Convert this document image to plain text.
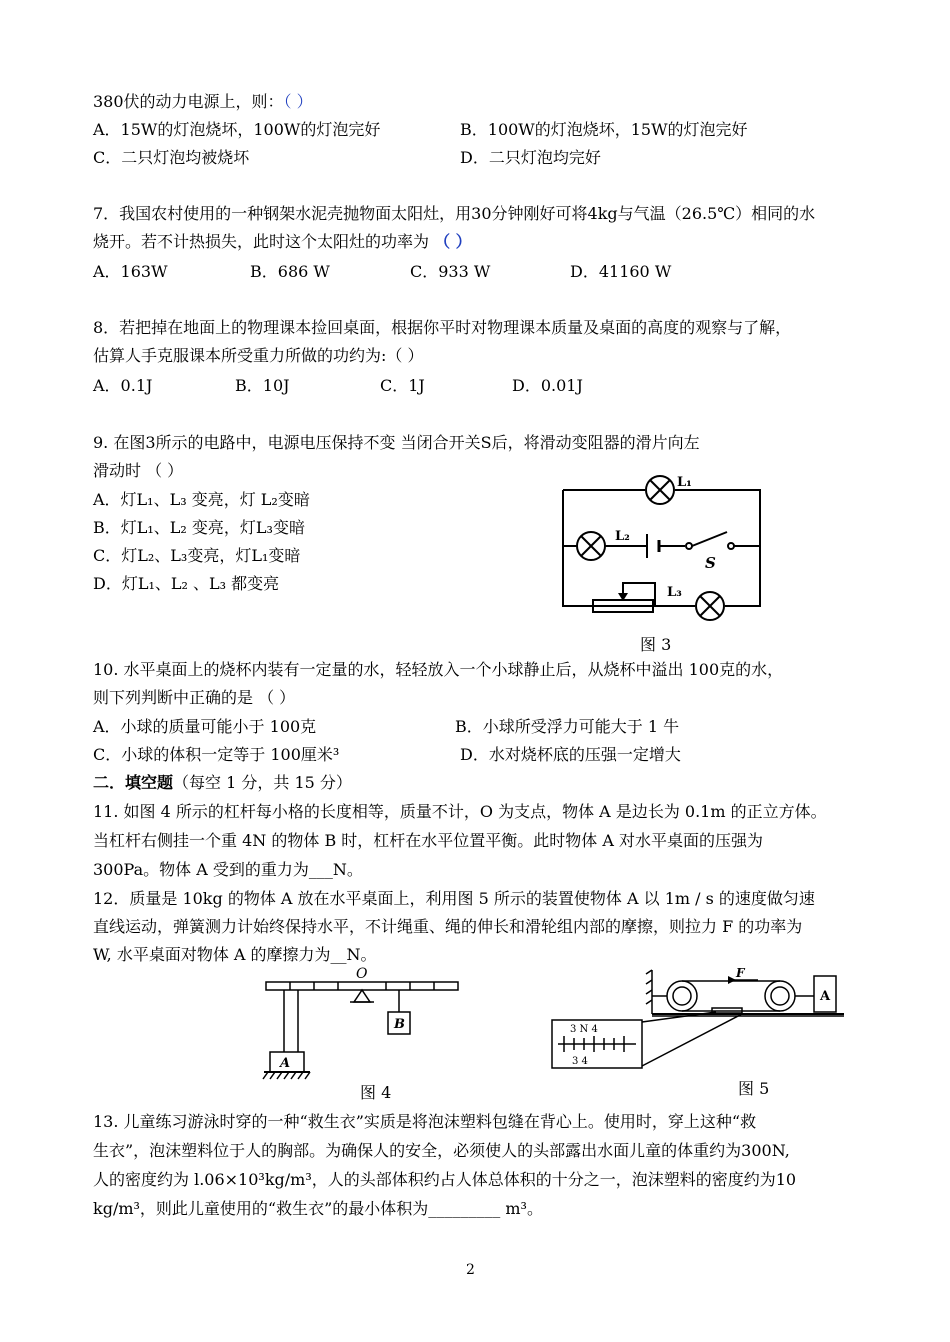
380伏的动力电源上，则：（ ）
A．15W的灯泡烧坏，100W的灯泡完好	B．100W的灯泡烧坏，15W的灯泡完好
C．二只灯泡均被烧坏	D．二只灯泡均完好
7．我国农村使用的一种钢架水泥壳抛物面太阳灶，用30分钟刚好可将4kg与气温（26.5℃）相同的水
烧开。若不计热损失，此时这个太阳灶的功率为 （ ）
A．163W	B．686 W	C．933 W	D．41160 W
8．若把掉在地面上的物理课本捡回桌面，根据你平时对物理课本质量及桌面的高度的观察与了解，
估算人手克服课本所受重力所做的功约为:（ ）
A．0.1J	B．10J	C．1J	D．0.01J
9. 在图3所示的电路中，电源电压保持不变 当闭合开关S后，将滑动变阻器的滑片向左
滑动时 （ ）
A．灯L₁、L₃ 变亮，灯 L₂变暗
B．灯L₁、L₂ 变亮，灯L₃变暗
C．灯L₂、L₃变亮，灯L₁变暗
D．灯L₁、L₂ 、L₃ 都变亮
L₁
L₂
S
L₃
图 3
10. 水平桌面上的烧杯内装有一定量的水，轻轻放入一个小球静止后，从烧杯中溢出 100克的水，
则下列判断中正确的是 （ ）
A．小球的质量可能小于 100克	B．小球所受浮力可能大于 1 牛
C．小球的体积一定等于 100厘米³	D．水对烧杯底的压强一定增大
二．填空题（每空 1 分，共 15 分）
11. 如图 4 所示的杠杆每小格的长度相等，质量不计，O 为支点，物体 A 是边长为 0.1m 的正立方体。
当杠杆右侧挂一个重 4N 的物体 B 时，杠杆在水平位置平衡。此时物体 A 对水平桌面的压强为
300Pa。物体 A 受到的重力为___N。
12．质量是 10kg 的物体 A 放在水平桌面上，利用图 5 所示的装置使物体 A 以 1m / s 的速度做匀速
直线运动，弹簧测力计始终保持水平，不计绳重、绳的伸长和滑轮组内部的摩擦，则拉力 F 的功率为
W, 水平桌面对物体 A 的摩擦力为__N。
O
A
B
图 4
F
A
3 N 4
3 4
图 5
13. 儿童练习游泳时穿的一种“救生衣”实质是将泡沫塑料包缝在背心上。使用时，穿上这种“救
生衣”，泡沫塑料位于人的胸部。为确保人的安全，必须使人的头部露出水面儿童的体重约为300N,
人的密度约为 l.06×10³kg/m³，人的头部体积约占人体总体积的十分之一，泡沫塑料的密度约为10
kg/m³，则此儿童使用的“救生衣”的最小体积为_________ m³。
2
